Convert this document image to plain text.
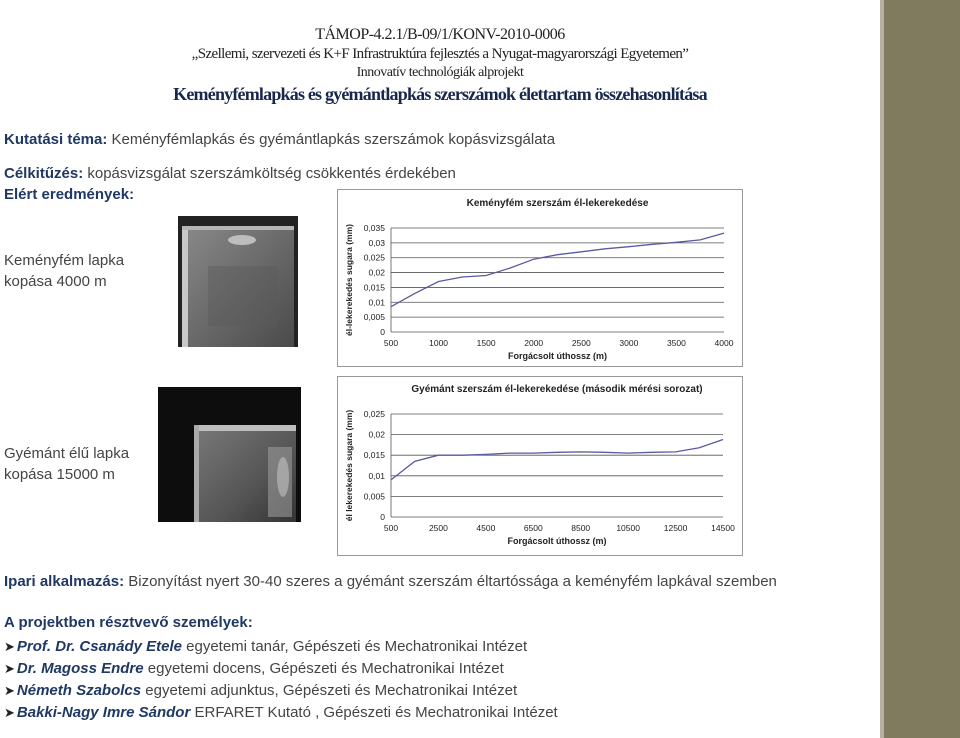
TÁMOP-4.2.1/B-09/1/KONV-2010-0006
„Szellemi, szervezeti és K+F Infrastruktúra fejlesztés a Nyugat-magyarországi Egyetemen”
Innovatív technológiák alprojekt
Keményfémlapkás és gyémántlapkás szerszámok élettartam összehasonlítása
Kutatási téma: Keményfémlapkás és gyémántlapkás szerszámok kopásvizsgálata
Célkitűzés: kopásvizsgálat szerszámköltség csökkentés érdekében
Elért eredmények:
Keményfém lapka
kopása 4000 m
Gyémánt élű lapka
kopása 15000 m
Keményfém szerszám él-lekerekedése
0
0,005
0,01
0,015
0,02
0,025
0,03
0,035
500	1000	1500	2000	2500	3000	3500	4000
Forgácsolt úthossz (m)
él-lekerekedés sugara (mm)
Gyémánt szerszám él-lekerekedése (második mérési sorozat)
0
0,005
0,01
0,015
0,02
0,025
500	2500	4500	6500	8500	10500	12500	14500
Forgácsolt úthossz (m)
él lekerekedés sugara (mm)
Ipari alkalmazás: Bizonyítást nyert 30-40 szeres a gyémánt szerszám éltartóssága a keményfém lapkával szemben
A projektben résztvevő személyek:
➤ Prof. Dr. Csanády Etele egyetemi tanár, Gépészeti és Mechatronikai Intézet
➤ Dr. Magoss Endre egyetemi docens, Gépészeti és Mechatronikai Intézet
➤ Németh Szabolcs egyetemi adjunktus, Gépészeti és Mechatronikai Intézet
➤ Bakki-Nagy Imre Sándor ERFARET Kutató , Gépészeti és Mechatronikai Intézet
